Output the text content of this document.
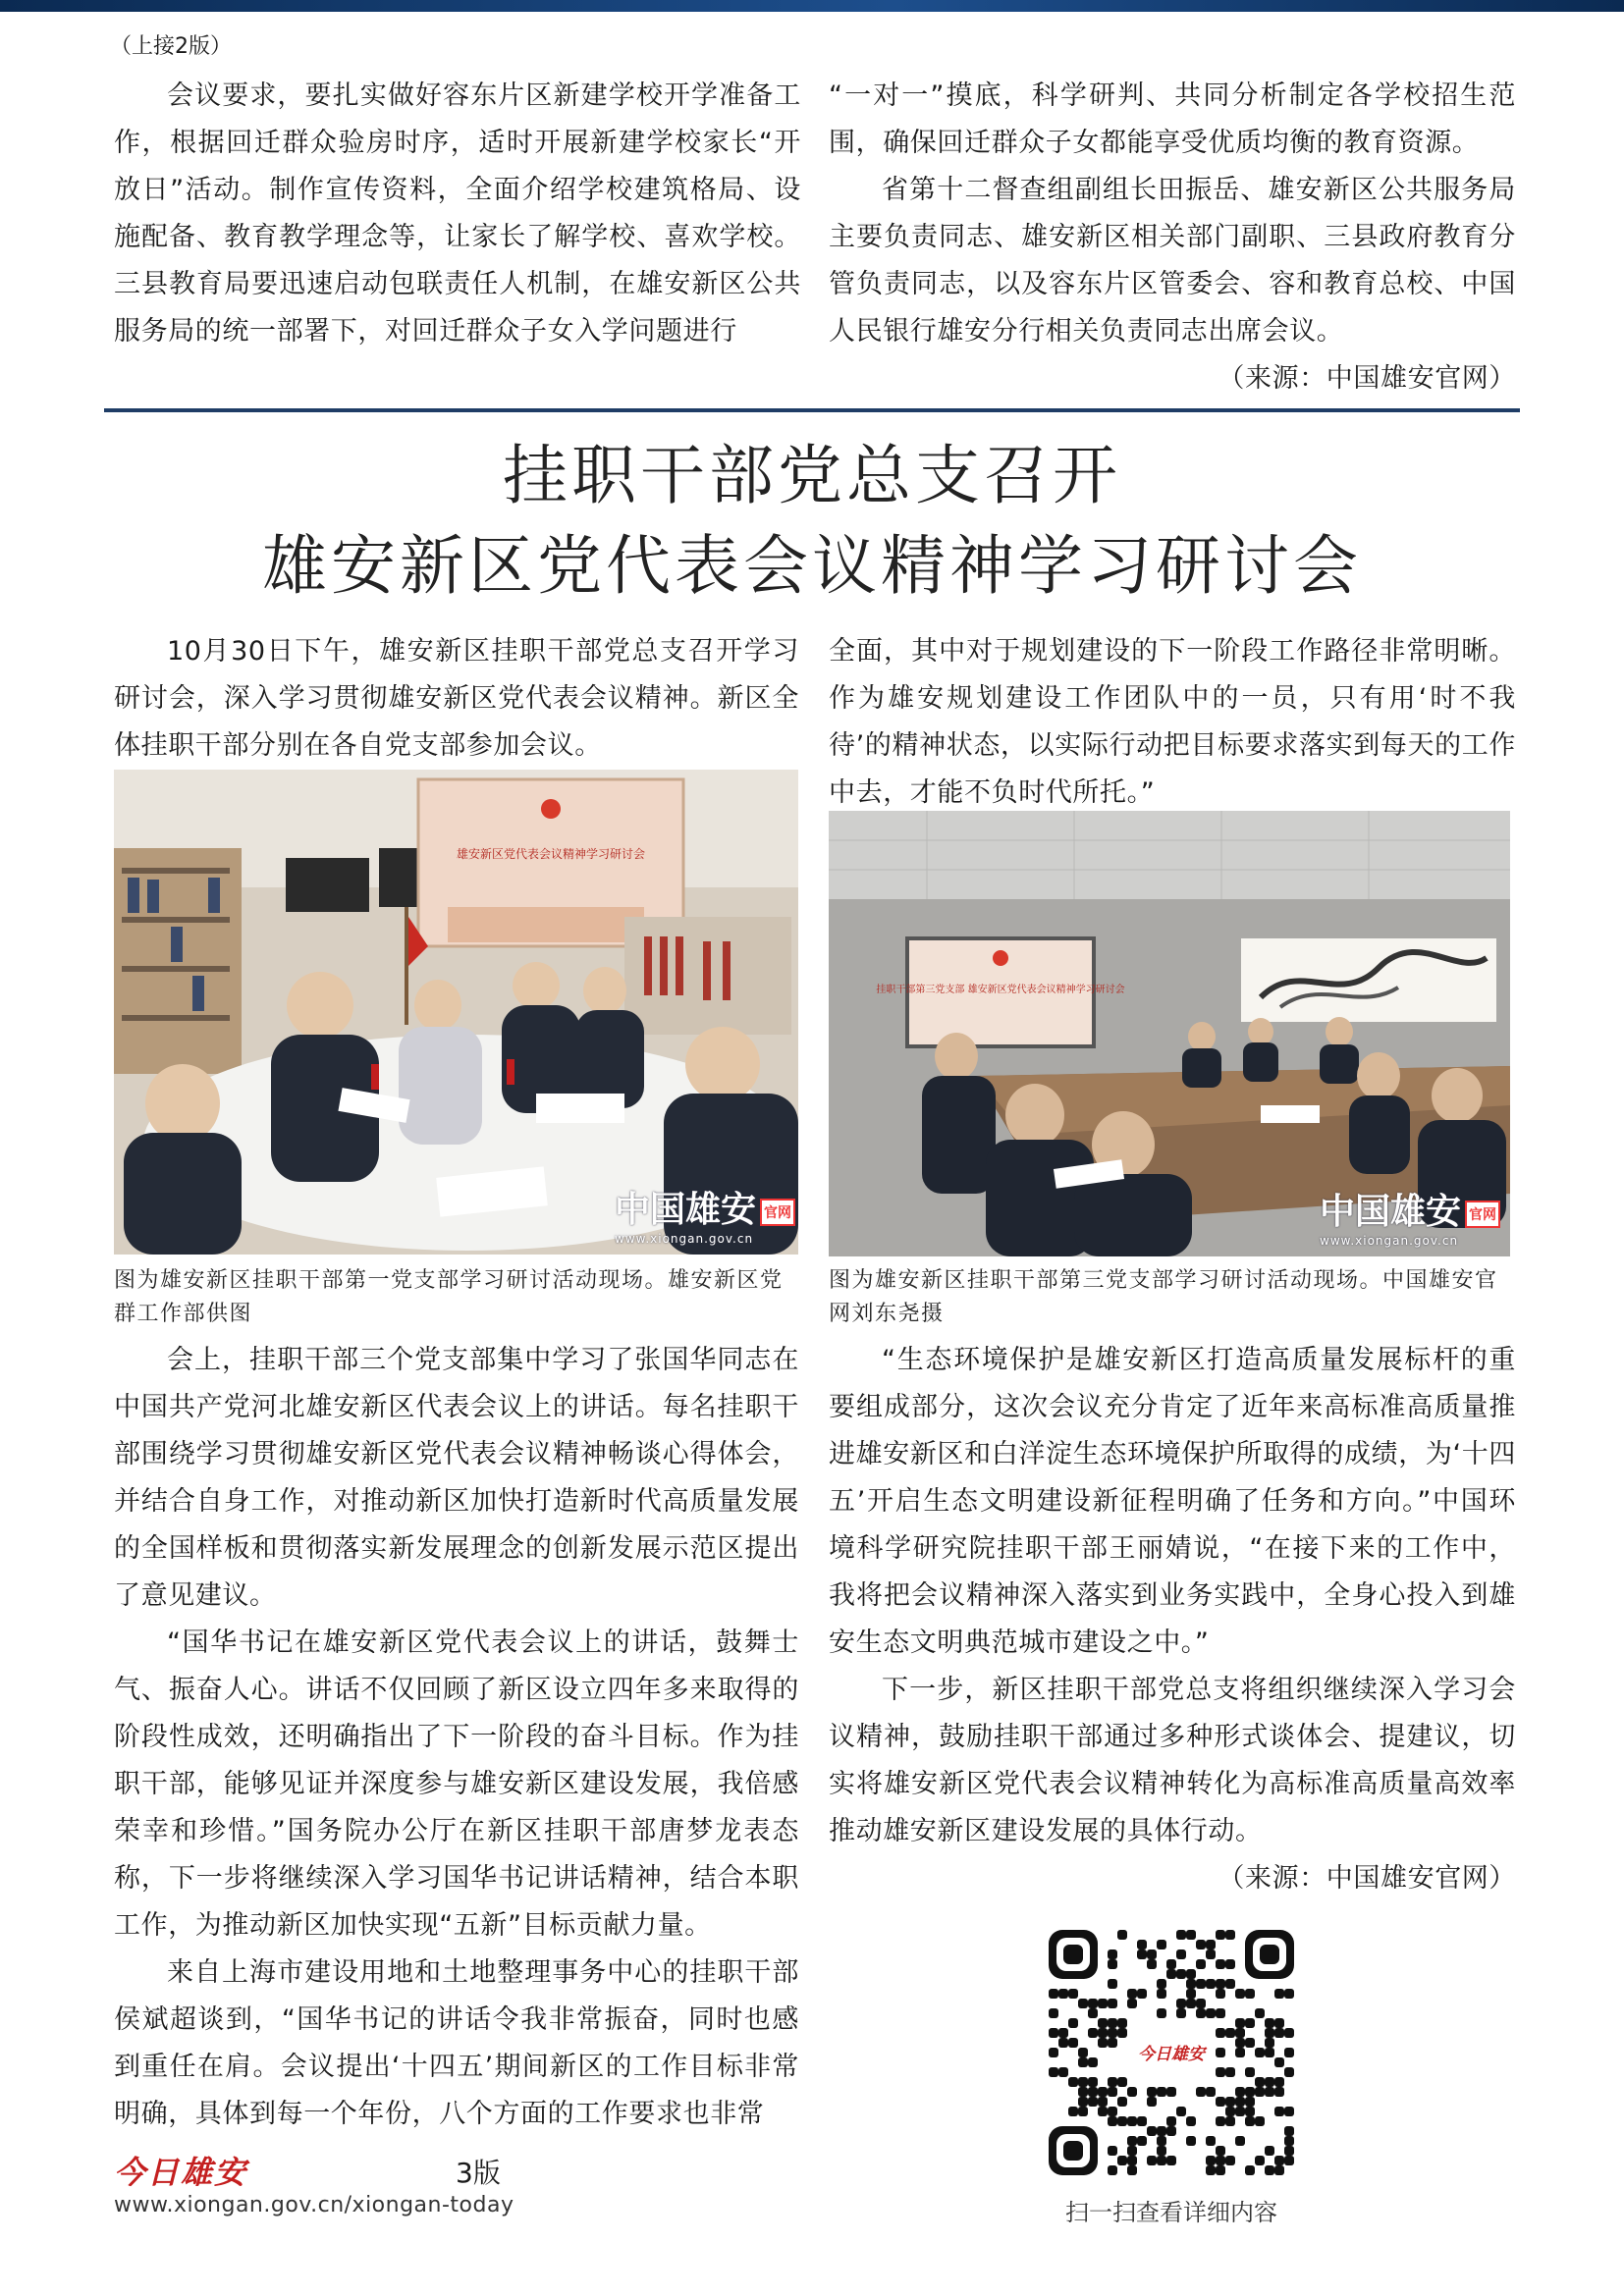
（上接2版）

会议要求，要扎实做好容东片区新建学校开学准备工作，根据回迁群众验房时序，适时开展新建学校家长“开放日”活动。制作宣传资料，全面介绍学校建筑格局、设施配备、教育教学理念等，让家长了解学校、喜欢学校。三县教育局要迅速启动包联责任人机制，在雄安新区公共服务局的统一部署下，对回迁群众子女入学问题进行

“一对一”摸底，科学研判、共同分析制定各学校招生范围，确保回迁群众子女都能享受优质均衡的教育资源。

省第十二督查组副组长田振岳、雄安新区公共服务局主要负责同志、雄安新区相关部门副职、三县政府教育分管负责同志，以及容东片区管委会、容和教育总校、中国人民银行雄安分行相关负责同志出席会议。

（来源：中国雄安官网）
挂职干部党总支召开
雄安新区党代表会议精神学习研讨会

10月30日下午，雄安新区挂职干部党总支召开学习研讨会，深入学习贯彻雄安新区党代表会议精神。新区全体挂职干部分别在各自党支部参加会议。

雄安新区党代表会议精神学习研讨会
中国雄安 官网
www.xiongan.gov.cn
图为雄安新区挂职干部第一党支部学习研讨活动现场。雄安新区党群工作部供图

会上，挂职干部三个党支部集中学习了张国华同志在中国共产党河北雄安新区代表会议上的讲话。每名挂职干部围绕学习贯彻雄安新区党代表会议精神畅谈心得体会，并结合自身工作，对推动新区加快打造新时代高质量发展的全国样板和贯彻落实新发展理念的创新发展示范区提出了意见建议。

“国华书记在雄安新区党代表会议上的讲话，鼓舞士气、振奋人心。讲话不仅回顾了新区设立四年多来取得的阶段性成效，还明确指出了下一阶段的奋斗目标。作为挂职干部，能够见证并深度参与雄安新区建设发展，我倍感荣幸和珍惜。”国务院办公厅在新区挂职干部唐梦龙表态称，下一步将继续深入学习国华书记讲话精神，结合本职工作，为推动新区加快实现“五新”目标贡献力量。

来自上海市建设用地和土地整理事务中心的挂职干部侯斌超谈到，“国华书记的讲话令我非常振奋，同时也感到重任在肩。会议提出‘十四五’期间新区的工作目标非常明确，具体到每一个年份，八个方面的工作要求也非常

全面，其中对于规划建设的下一阶段工作路径非常明晰。作为雄安规划建设工作团队中的一员，只有用‘时不我待’的精神状态，以实际行动把目标要求落实到每天的工作中去，才能不负时代所托。”

挂职干部第三党支部 雄安新区党代表会议精神学习研讨会
中国雄安 官网
www.xiongan.gov.cn
图为雄安新区挂职干部第三党支部学习研讨活动现场。中国雄安官网刘东尧摄

“生态环境保护是雄安新区打造高质量发展标杆的重要组成部分，这次会议充分肯定了近年来高标准高质量推进雄安新区和白洋淀生态环境保护所取得的成绩，为‘十四五’开启生态文明建设新征程明确了任务和方向。”中国环境科学研究院挂职干部王丽婧说，“在接下来的工作中，我将把会议精神深入落实到业务实践中，全身心投入到雄安生态文明典范城市建设之中。”

下一步，新区挂职干部党总支将组织继续深入学习会议精神，鼓励挂职干部通过多种形式谈体会、提建议，切实将雄安新区党代表会议精神转化为高标准高质量高效率推动雄安新区建设发展的具体行动。

（来源：中国雄安官网）
今日雄安
扫一扫查看详细内容
今日雄安	3版
www.xiongan.gov.cn/xiongan-today
